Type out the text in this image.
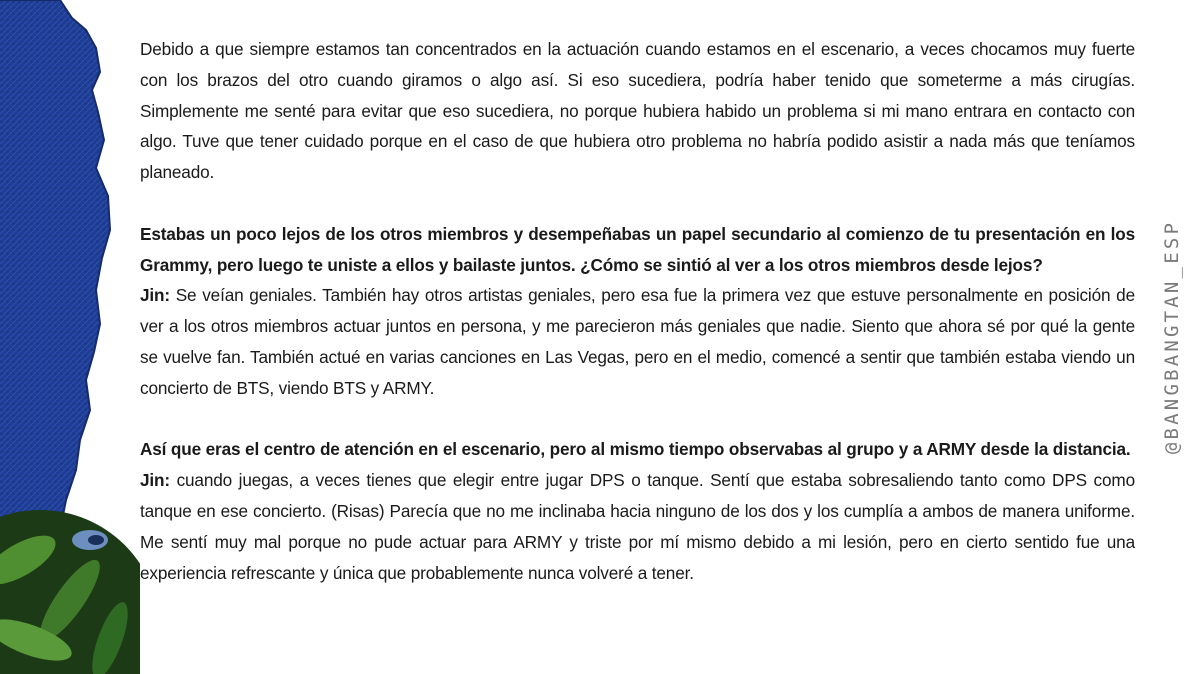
Debido a que siempre estamos tan concentrados en la actuación cuando estamos en el escenario, a veces chocamos muy fuerte con los brazos del otro cuando giramos o algo así. Si eso sucediera, podría haber tenido que someterme a más cirugías. Simplemente me senté para evitar que eso sucediera, no porque hubiera habido un problema si mi mano entrara en contacto con algo. Tuve que tener cuidado porque en el caso de que hubiera otro problema no habría podido asistir a nada más que teníamos planeado.

Estabas un poco lejos de los otros miembros y desempeñabas un papel secundario al comienzo de tu presentación en los Grammy, pero luego te uniste a ellos y bailaste juntos. ¿Cómo se sintió al ver a los otros miembros desde lejos?

Jin: Se veían geniales. También hay otros artistas geniales, pero esa fue la primera vez que estuve personalmente en posición de ver a los otros miembros actuar juntos en persona, y me parecieron más geniales que nadie. Siento que ahora sé por qué la gente se vuelve fan. También actué en varias canciones en Las Vegas, pero en el medio, comencé a sentir que también estaba viendo un concierto de BTS, viendo BTS y ARMY.

Así que eras el centro de atención en el escenario, pero al mismo tiempo observabas al grupo y a ARMY desde la distancia.

Jin: cuando juegas, a veces tienes que elegir entre jugar DPS o tanque. Sentí que estaba sobresaliendo tanto como DPS como tanque en ese concierto. (Risas) Parecía que no me inclinaba hacia ninguno de los dos y los cumplía a ambos de manera uniforme. Me sentí muy mal porque no pude actuar para ARMY y triste por mí mismo debido a mi lesión, pero en cierto sentido fue una experiencia refrescante y única que probablemente nunca volveré a tener.

@BANGBANGTAN_ESP
